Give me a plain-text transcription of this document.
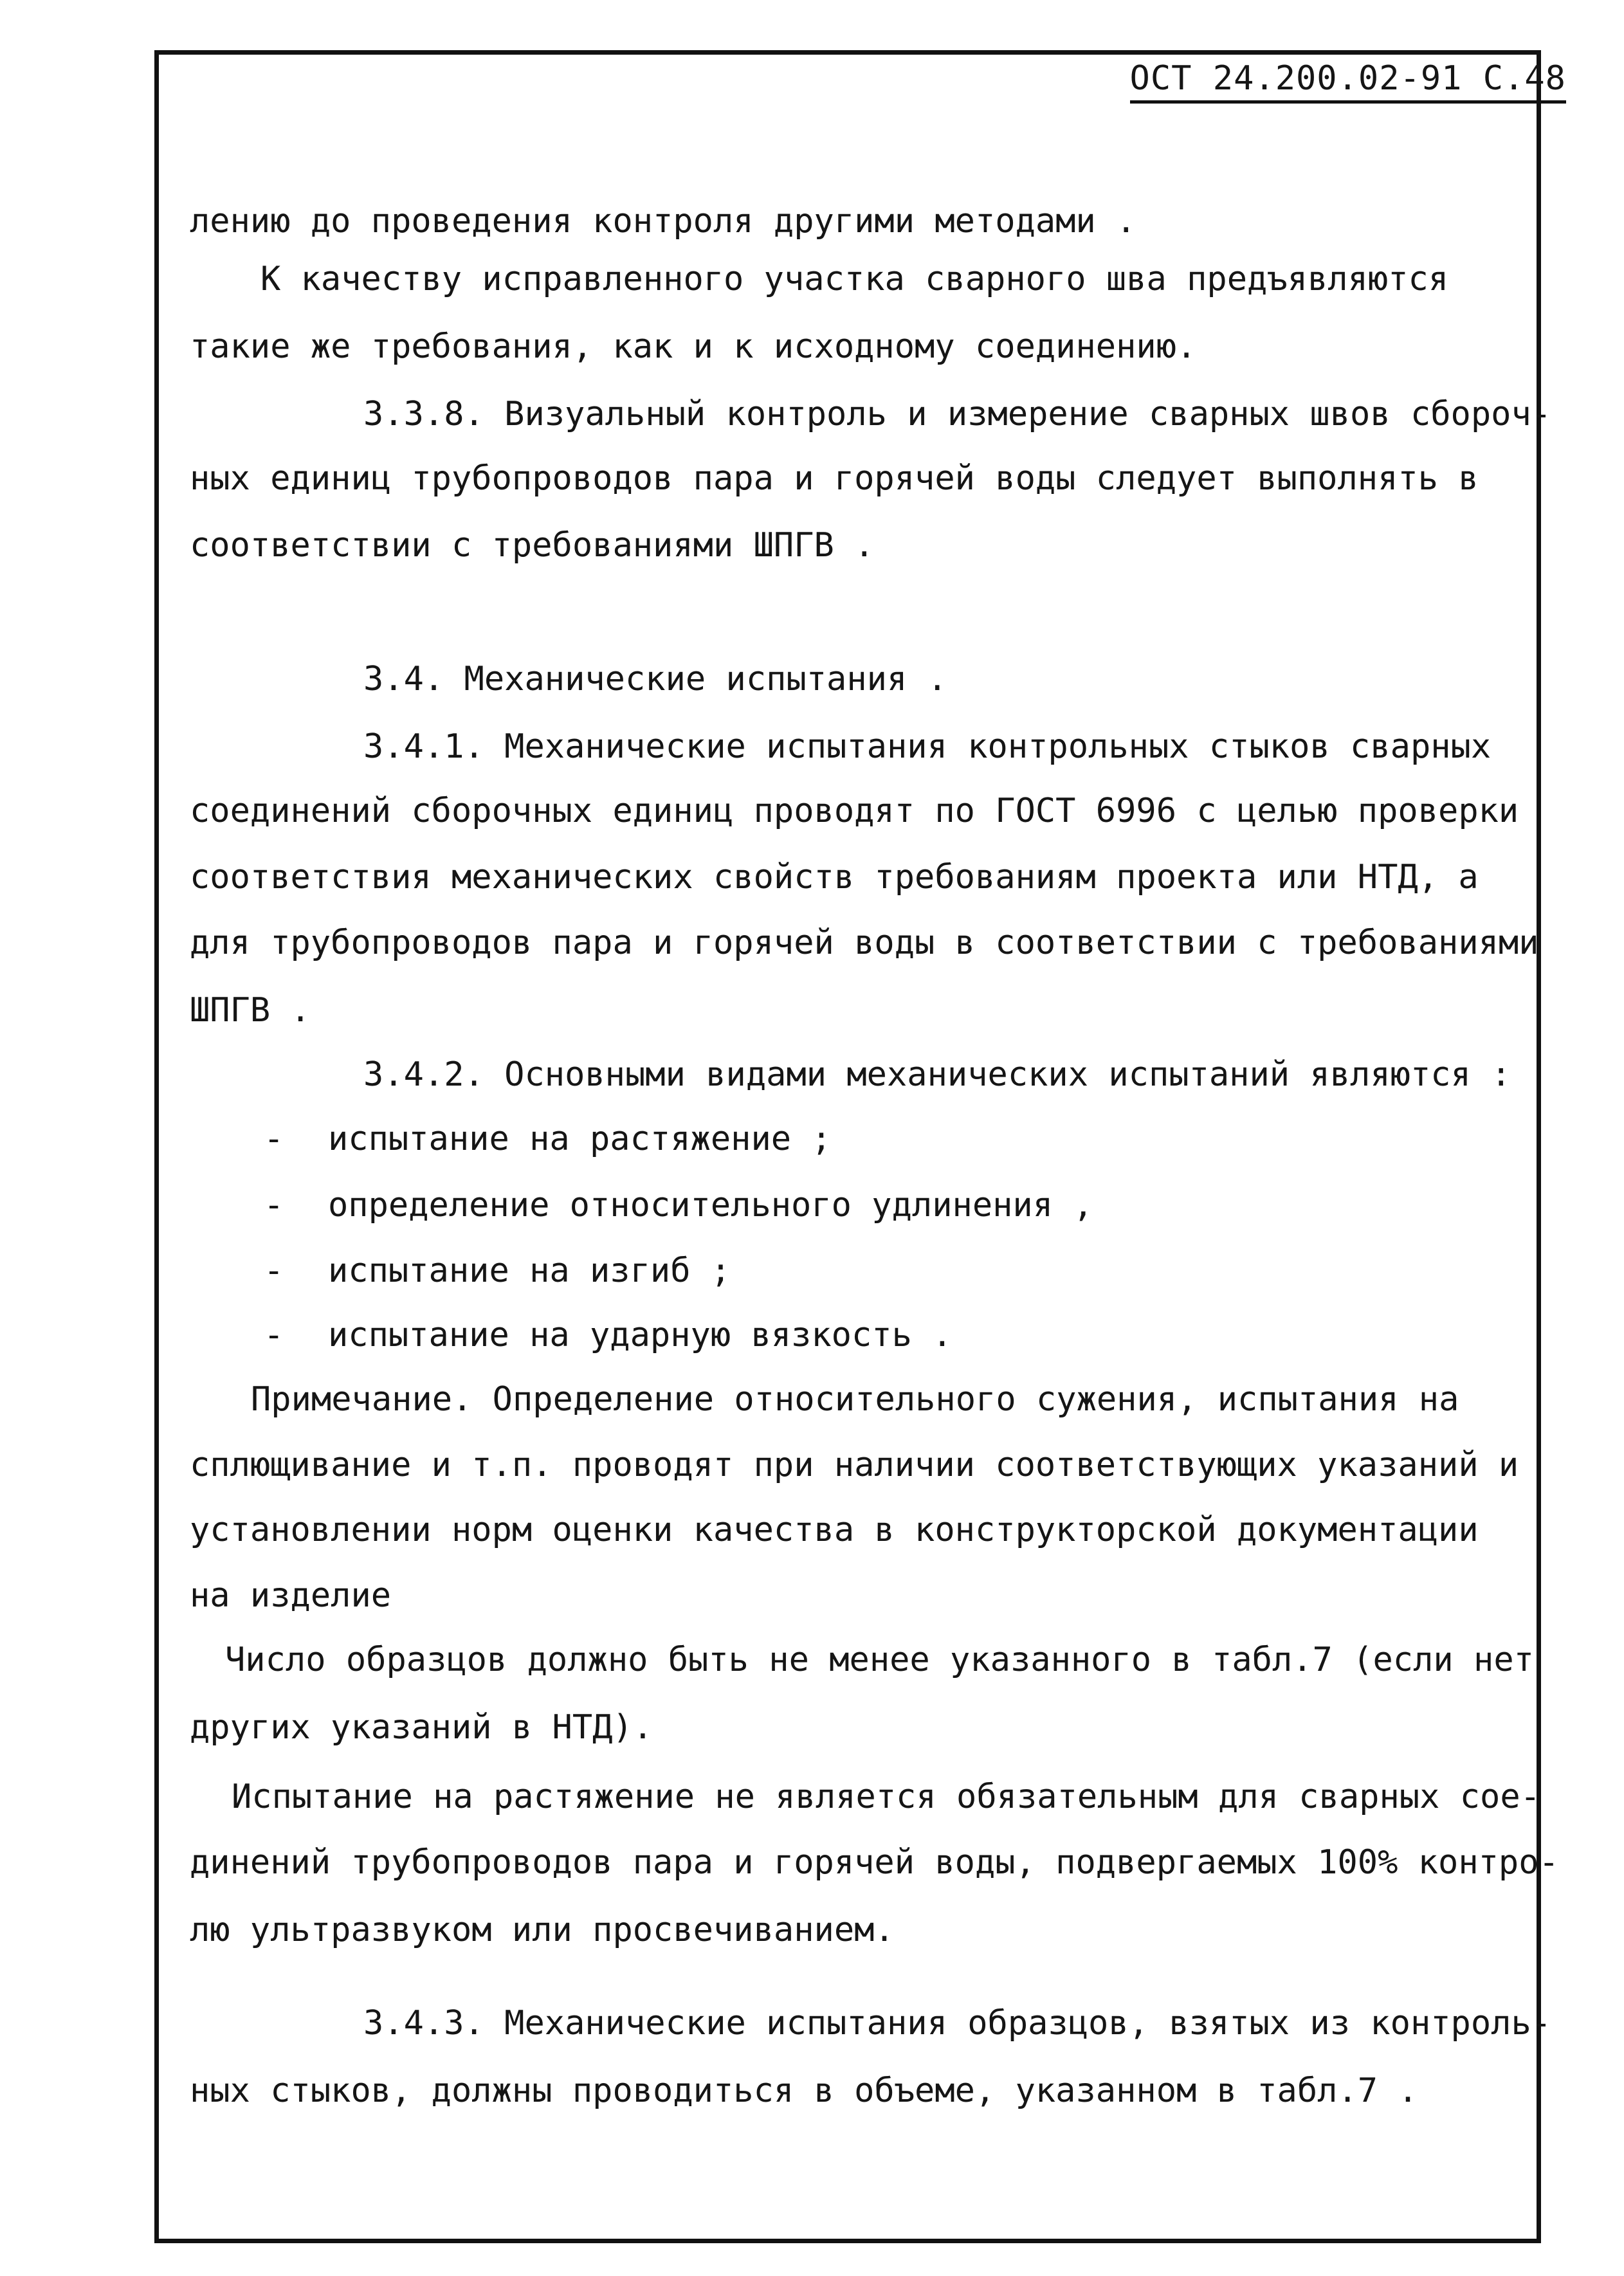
ОСТ 24.200.02-91 С.48
лению до проведения контроля другими методами .
К качеству исправленного участка сварного шва предъявляются
такие же требования, как и к исходному соединению.
3.3.8. Визуальный контроль и измерение сварных швов сбороч-
ных единиц трубопроводов пара и горячей воды следует выполнять в
соответствии с требованиями ШПГВ .
3.4. Механические испытания .
3.4.1. Механические испытания контрольных стыков сварных
соединений сборочных единиц проводят по ГОСТ 6996 с целью проверки
соответствия механических свойств требованиям проекта или НТД, а
для трубопроводов пара и горячей воды в соответствии с требованиями
ШПГВ .
3.4.2. Основными видами механических испытаний являются :
- испытание на растяжение ;
- определение относительного удлинения ,
- испытание на изгиб ;
- испытание на ударную вязкость .
Примечание. Определение относительного сужения, испытания на
сплющивание и т.п. проводят при наличии соответствующих указаний и
установлении норм оценки качества в конструкторской документации
на изделие
Число образцов должно быть не менее указанного в табл.7 (если нет
других указаний в НТД).
Испытание на растяжение не является обязательным для сварных сое-
динений трубопроводов пара и горячей воды, подвергаемых 100% контро-
лю ультразвуком или просвечиванием.
3.4.3. Механические испытания образцов, взятых из контроль-
ных стыков, должны проводиться в объеме, указанном в табл.7 .
